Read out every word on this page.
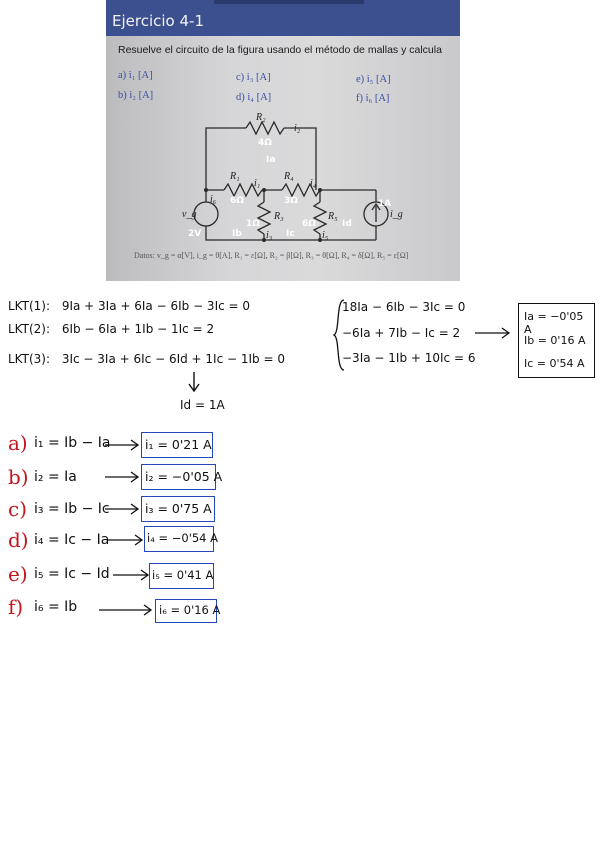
Ejercicio 4-1
Resuelve el circuito de la figura usando el método de mallas y calcula
a) i₁ [A]
b) i₂ [A]
c) i₃ [A]
d) i₄ [A]
e) i₅ [A]
f) i₆ [A]
R₂
i₂
R₁
i₁
R₄
i₄
i₆
v_g	R₃
i₃
R₅
i₅
i_g
4Ω
Ia
6Ω	3Ω
1Ω	6Ω
Ib	Ic
Id
2V
1A
Datos: v_g = α[V], i_g = θ[A], R₁ = ε[Ω], R₂ = β[Ω], R₃ = θ[Ω], R₄ = δ[Ω], R₅ = ε[Ω]
LKT(1): 9Ia + 3Ia + 6Ia − 6Ib − 3Ic = 0
LKT(2): 6Ib − 6Ia + 1Ib − 1Ic = 2
LKT(3): 3Ic − 3Ia + 6Ic − 6Id + 1Ic − 1Ib = 0
Id = 1A
18Ia − 6Ib − 3Ic = 0
−6Ia + 7Ib − Ic = 2
−3Ia − 1Ib + 10Ic = 6
Ia = −0'05 A
Ib = 0'16 A
Ic = 0'54 A
a) i₁ = Ib − Ia	i₁ = 0'21 A
b) i₂ = Ia	i₂ = −0'05 A
c) i₃ = Ib − Ic	i₃ = 0'75 A
d) i₄ = Ic − Ia	i₄ = −0'54 A
e) i₅ = Ic − Id	i₅ = 0'41 A
f) i₆ = Ib	i₆ = 0'16 A
